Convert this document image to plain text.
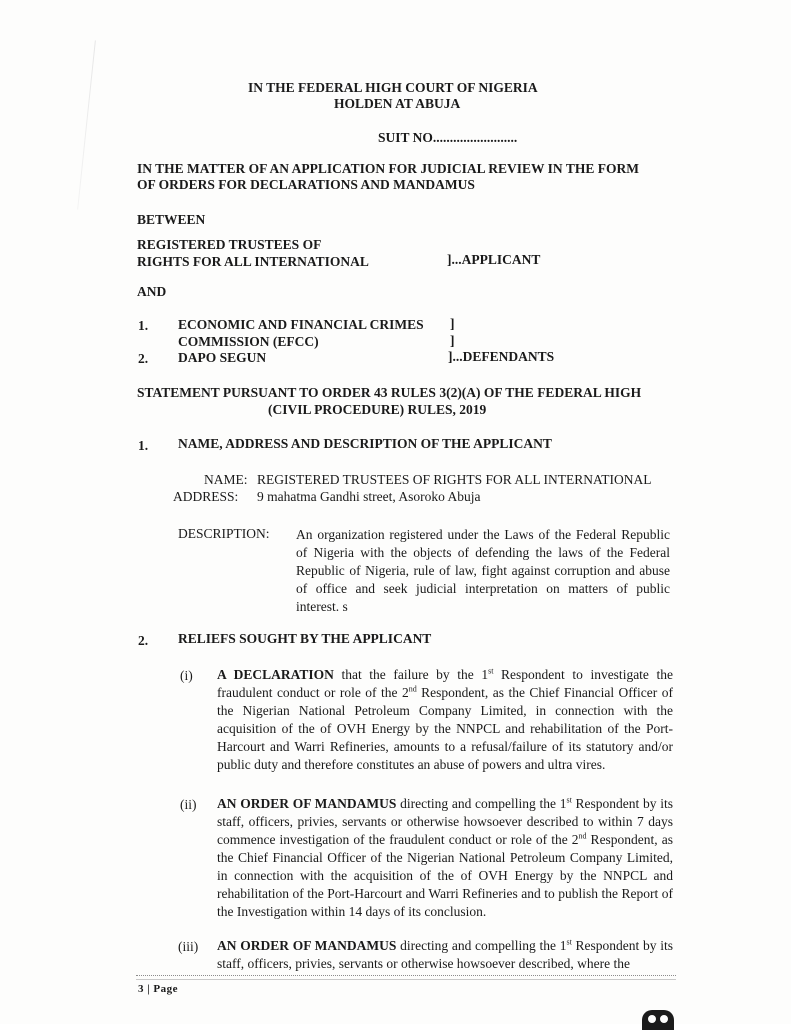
IN THE FEDERAL HIGH COURT OF NIGERIA
HOLDEN AT ABUJA
SUIT NO.........................
IN THE MATTER OF AN APPLICATION FOR JUDICIAL REVIEW IN THE FORM
OF ORDERS FOR DECLARATIONS AND MANDAMUS
BETWEEN
REGISTERED TRUSTEES OF
RIGHTS FOR ALL INTERNATIONAL	]...APPLICANT
AND
1. ECONOMIC AND FINANCIAL CRIMES
COMMISSION (EFCC)
]
]
2. DAPO SEGUN	]...DEFENDANTS
STATEMENT PURSUANT TO ORDER 43 RULES 3(2)(A) OF THE FEDERAL HIGH
(CIVIL PROCEDURE) RULES, 2019
1. NAME, ADDRESS AND DESCRIPTION OF THE APPLICANT
NAME: REGISTERED TRUSTEES OF RIGHTS FOR ALL INTERNATIONAL
ADDRESS: 9 mahatma Gandhi street, Asoroko Abuja
DESCRIPTION: An organization registered under the Laws of the Federal Republic of Nigeria with the objects of defending the laws of the Federal Republic of Nigeria, rule of law, fight against corruption and abuse of office and seek judicial interpretation on matters of public interest. s
2. RELIEFS SOUGHT BY THE APPLICANT
(i) A DECLARATION that the failure by the 1st Respondent to investigate the fraudulent conduct or role of the 2nd Respondent, as the Chief Financial Officer of the Nigerian National Petroleum Company Limited, in connection with the acquisition of the of OVH Energy by the NNPCL and rehabilitation of the Port-Harcourt and Warri Refineries, amounts to a refusal/failure of its statutory and/or public duty and therefore constitutes an abuse of powers and ultra vires.
(ii) AN ORDER OF MANDAMUS directing and compelling the 1st Respondent by its staff, officers, privies, servants or otherwise howsoever described to within 7 days commence investigation of the fraudulent conduct or role of the 2nd Respondent, as the Chief Financial Officer of the Nigerian National Petroleum Company Limited, in connection with the acquisition of the of OVH Energy by the NNPCL and rehabilitation of the Port-Harcourt and Warri Refineries and to publish the Report of the Investigation within 14 days of its conclusion.
(iii) AN ORDER OF MANDAMUS directing and compelling the 1st Respondent by its staff, officers, privies, servants or otherwise howsoever described, where the
3 | Page
